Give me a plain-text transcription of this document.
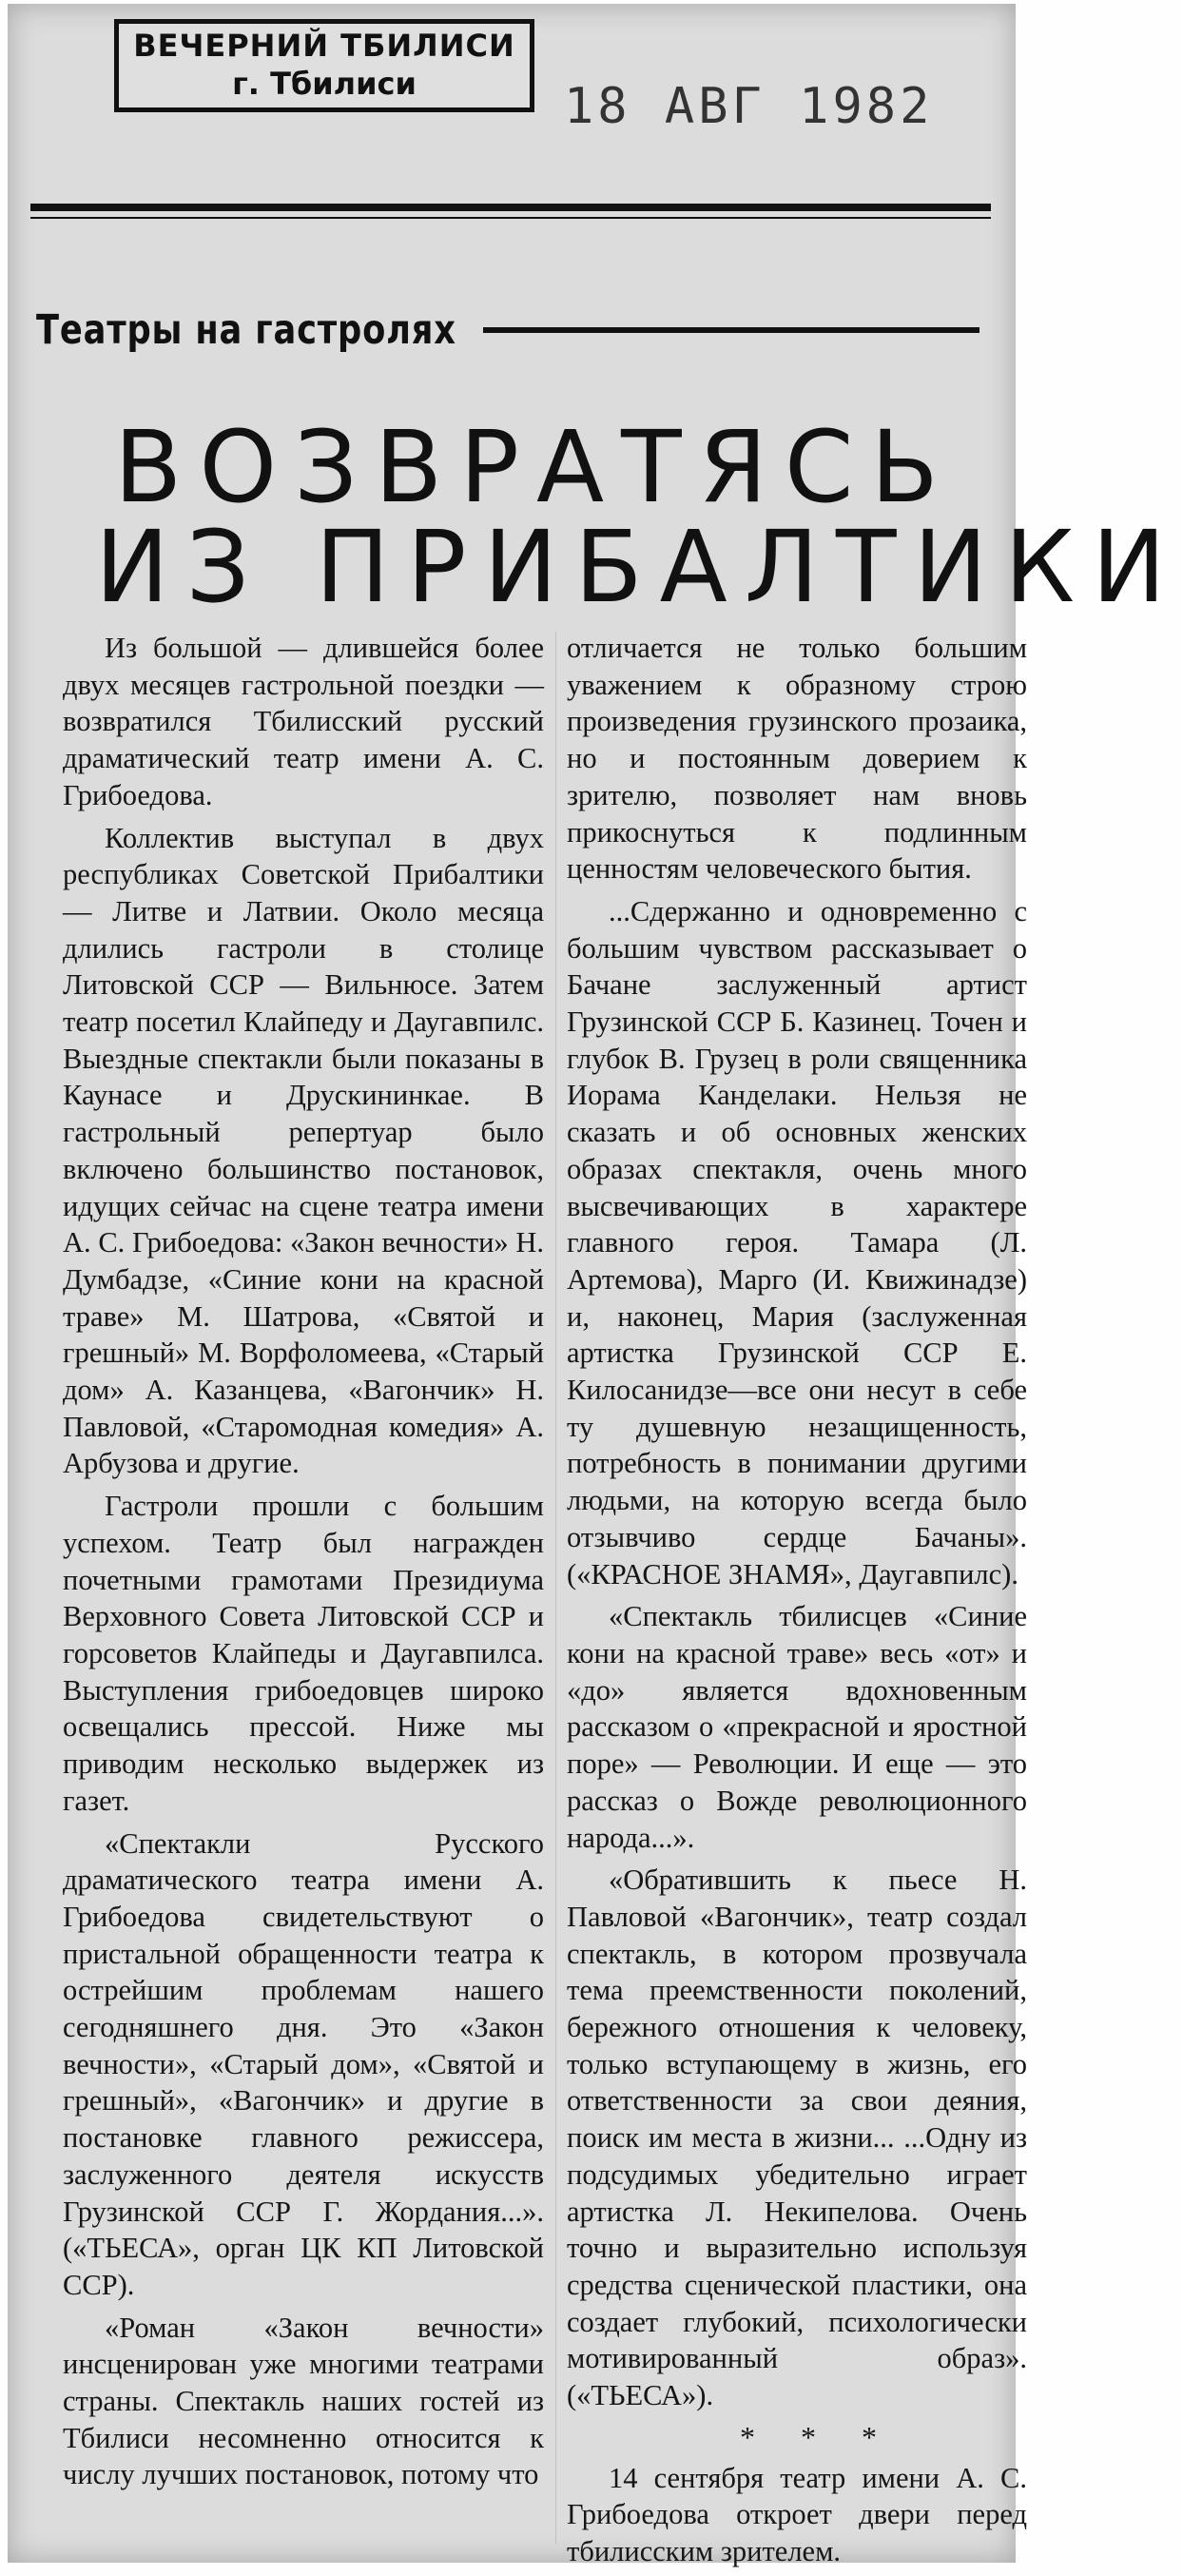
ВЕЧЕРНИЙ ТБИЛИСИ
г. Тбилиси	18 АВГ 1982
Театры на гастролях
ВОЗВРАТЯСЬ
ИЗ ПРИБАЛТИКИ

Из большой — длившейся более двух месяцев гастрольной поездки — возвратился Тбилисский русский драматический театр имени А. С. Грибоедова.

Коллектив выступал в двух республиках Советской Прибалтики — Литве и Латвии. Около месяца длились гастроли в столице Литовской ССР — Вильнюсе. Затем театр посетил Клайпеду и Даугавпилс. Выездные спектакли были показаны в Каунасе и Друскининкае. В гастрольный репертуар было включено большинство постановок, идущих сейчас на сцене театра имени А. С. Грибоедова: «Закон вечности» Н. Думбадзе, «Синие кони на красной траве» М. Шатрова, «Святой и грешный» М. Ворфоломеева, «Старый дом» А. Казанцева, «Вагончик» Н. Павловой, «Старомодная комедия» А. Арбузова и другие.

Гастроли прошли с большим успехом. Театр был награжден почетными грамотами Президиума Верховного Совета Литовской ССР и горсоветов Клайпеды и Даугавпилса. Выступления грибоедовцев широко освещались прессой. Ниже мы приводим несколько выдержек из газет.

«Спектакли Русского драматического театра имени А. Грибоедова свидетельствуют о пристальной обращенности театра к острейшим проблемам нашего сегодняшнего дня. Это «Закон вечности», «Старый дом», «Святой и грешный», «Вагончик» и другие в постановке главного режиссера, заслуженного деятеля искусств Грузинской ССР Г. Жордания...». («ТЬЕСА», орган ЦК КП Литовской ССР).

«Роман «Закон вечности» инсценирован уже многими театрами страны. Спектакль наших гостей из Тбилиси несомненно относится к числу лучших постановок, потому что

отличается не только большим уважением к образному строю произведения грузинского прозаика, но и постоянным доверием к зрителю, позволяет нам вновь прикоснуться к подлинным ценностям человеческого бытия.

...Сдержанно и одновременно с большим чувством рассказывает о Бачане заслуженный артист Грузинской ССР Б. Казинец. Точен и глубок В. Грузец в роли священника Иорама Канделаки. Нельзя не сказать и об основных женских образах спектакля, очень много высвечивающих в характере главного героя. Тамара (Л. Артемова), Марго (И. Квижинадзе) и, наконец, Мария (заслуженная артистка Грузинской ССР Е. Килосанидзе—все они несут в себе ту душевную незащищенность, потребность в понимании другими людьми, на которую всегда было отзывчиво сердце Бачаны». («КРАСНОЕ ЗНАМЯ», Даугавпилс).

«Спектакль тбилисцев «Синие кони на красной траве» весь «от» и «до» является вдохновенным рассказом о «прекрасной и яростной поре» — Революции. И еще — это рассказ о Вожде революционного народа...».

«Обратившить к пьесе Н. Павловой «Вагончик», театр создал спектакль, в котором прозвучала тема преемственности поколений, бережного отношения к человеку, только вступающему в жизнь, его ответственности за свои деяния, поиск им места в жизни... ...Одну из подсудимых убедительно играет артистка Л. Некипелова. Очень точно и выразительно используя средства сценической пластики, она создает глубокий, психологически мотивированный образ». («ТЬЕСА»).

* * *

14 сентября театр имени А. С. Грибоедова откроет двери перед тбилисским зрителем.
